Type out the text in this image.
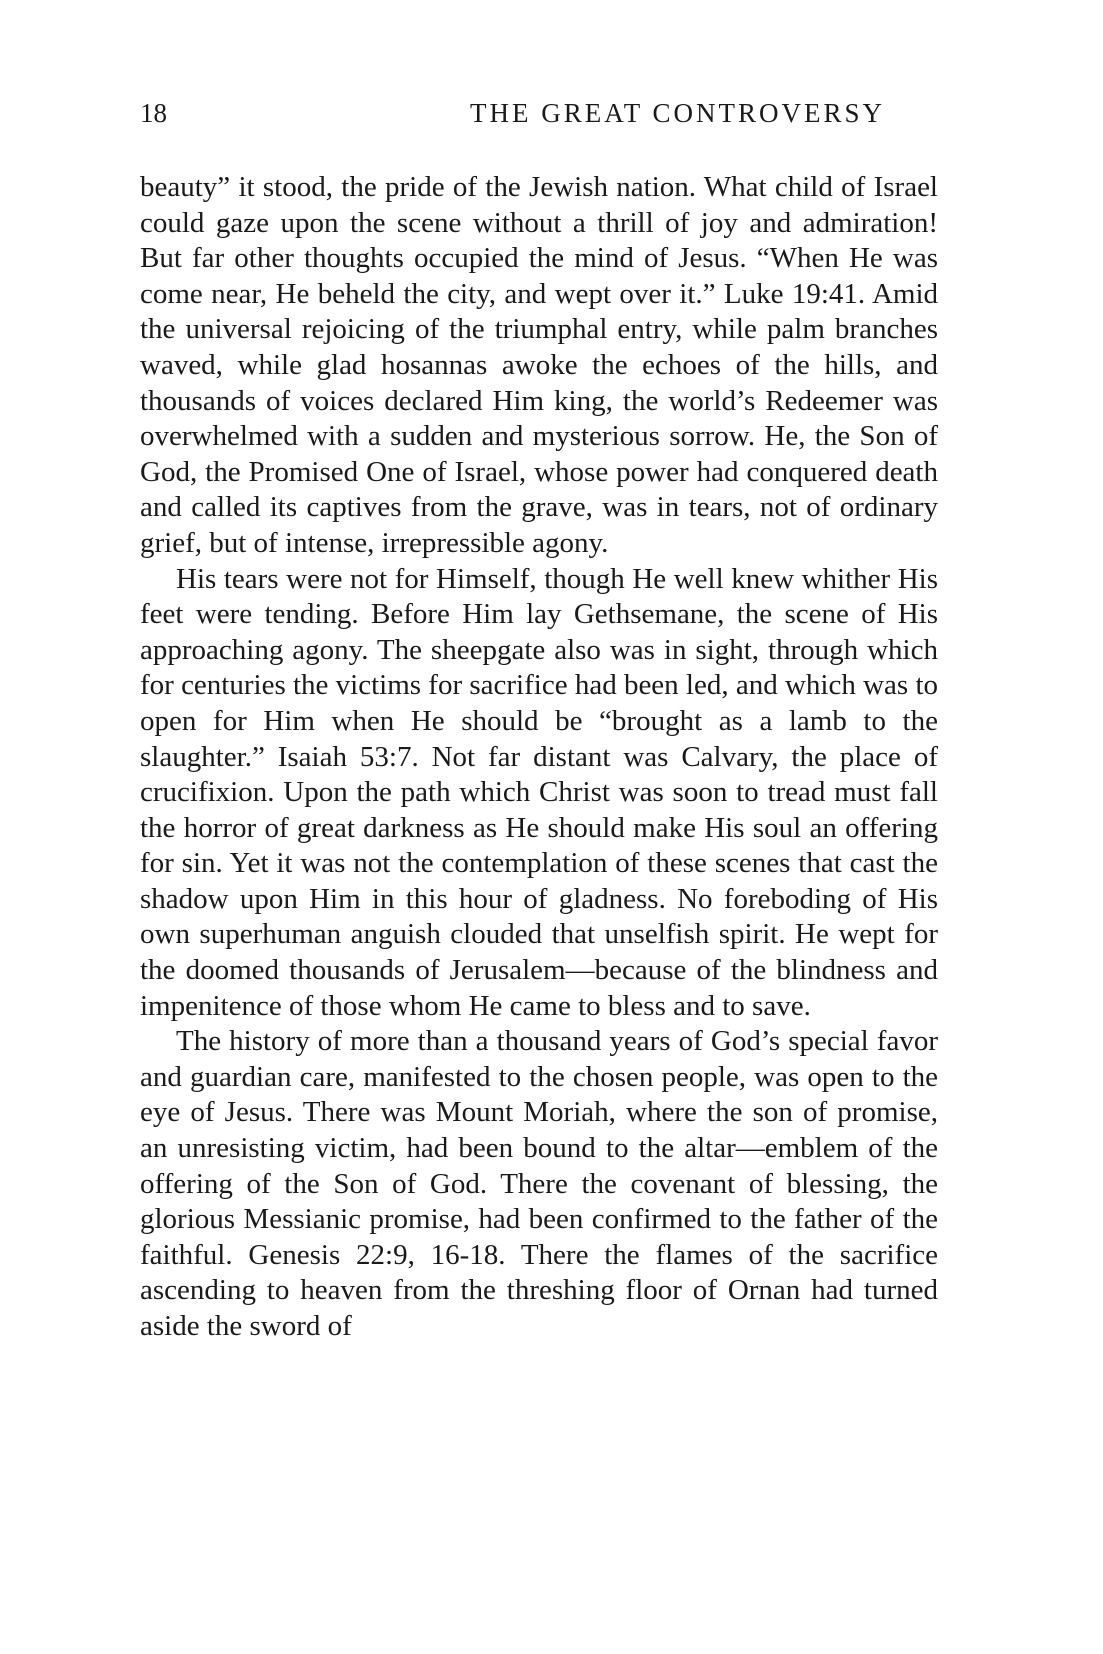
18	THE GREAT CONTROVERSY

beauty” it stood, the pride of the Jewish nation. What child of Israel could gaze upon the scene without a thrill of joy and admiration! But far other thoughts occupied the mind of Jesus. “When He was come near, He beheld the city, and wept over it.” Luke 19:41. Amid the universal rejoicing of the triumphal entry, while palm branches waved, while glad hosannas awoke the echoes of the hills, and thousands of voices declared Him king, the world’s Redeemer was overwhelmed with a sudden and mysterious sorrow. He, the Son of God, the Promised One of Israel, whose power had conquered death and called its captives from the grave, was in tears, not of ordinary grief, but of intense, irrepressible agony.

His tears were not for Himself, though He well knew whither His feet were tending. Before Him lay Gethsemane, the scene of His approaching agony. The sheepgate also was in sight, through which for centuries the victims for sacrifice had been led, and which was to open for Him when He should be “brought as a lamb to the slaughter.” Isaiah 53:7. Not far distant was Calvary, the place of crucifixion. Upon the path which Christ was soon to tread must fall the horror of great darkness as He should make His soul an offering for sin. Yet it was not the contemplation of these scenes that cast the shadow upon Him in this hour of gladness. No foreboding of His own superhuman anguish clouded that unselfish spirit. He wept for the doomed thousands of Jerusalem—because of the blindness and impenitence of those whom He came to bless and to save.

The history of more than a thousand years of God’s special favor and guardian care, manifested to the chosen people, was open to the eye of Jesus. There was Mount Moriah, where the son of promise, an unresisting victim, had been bound to the altar—emblem of the offering of the Son of God. There the covenant of blessing, the glorious Messianic promise, had been confirmed to the father of the faithful. Genesis 22:9, 16-18. There the flames of the sacrifice ascending to heaven from the threshing floor of Ornan had turned aside the sword of
